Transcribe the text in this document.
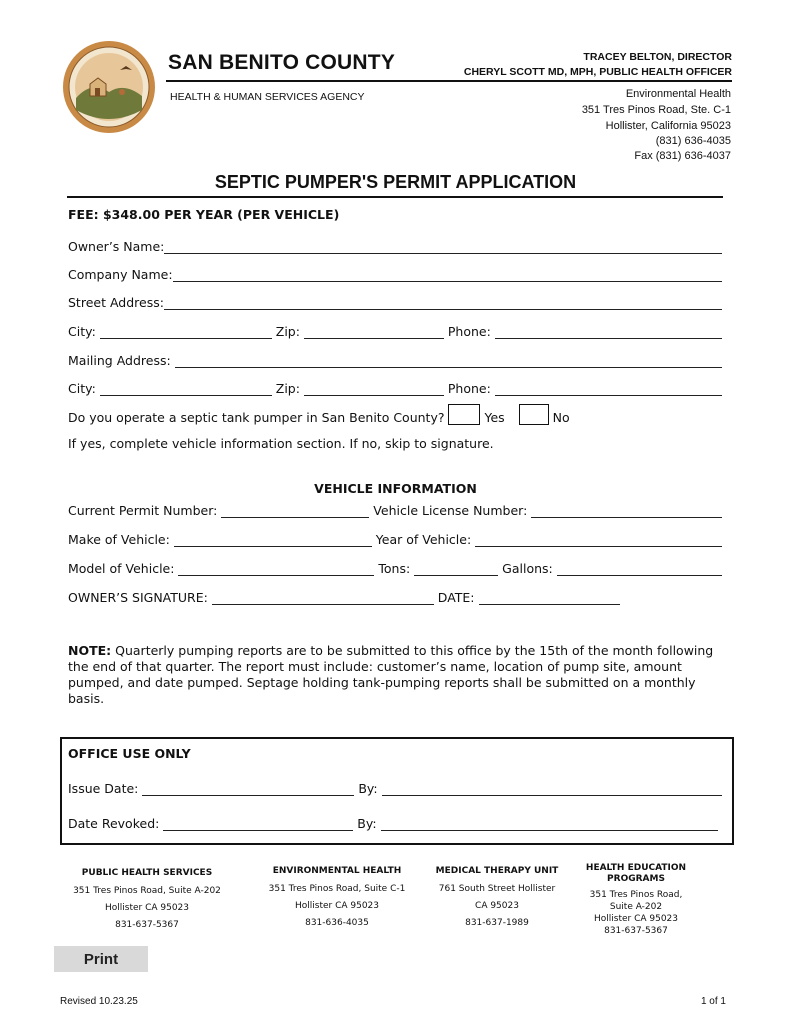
SAN BENITO COUNTY
HEALTH & HUMAN SERVICES AGENCY
TRACEY BELTON, DIRECTOR
CHERYL SCOTT MD, MPH, PUBLIC HEALTH OFFICER
Environmental Health
351 Tres Pinos Road, Ste. C-1
Hollister, California 95023
(831) 636-4035
Fax (831) 636-4037
SEPTIC PUMPER'S PERMIT APPLICATION
FEE: $348.00 PER YEAR (PER VEHICLE)
Owner’s Name:
Company Name:
Street Address:
City:	Zip:	Phone:
Mailing Address:
City:	Zip:	Phone:
Do you operate a septic tank pumper in San Benito County?	Yes	No
If yes, complete vehicle information section. If no, skip to signature.
VEHICLE INFORMATION
Current Permit Number:	Vehicle License Number:
Make of Vehicle:	Year of Vehicle:
Model of Vehicle:	Tons:	Gallons:
OWNER’S SIGNATURE:	DATE:
NOTE: Quarterly pumping reports are to be submitted to this office by the 15th of the month following the end of that quarter. The report must include: customer’s name, location of pump site, amount pumped, and date pumped. Septage holding tank-pumping reports shall be submitted on a monthly basis.
OFFICE USE ONLY
Issue Date:	By:
Date Revoked:	By:
PUBLIC HEALTH SERVICES
351 Tres Pinos Road, Suite A-202
Hollister CA 95023
831-637-5367
ENVIRONMENTAL HEALTH
351 Tres Pinos Road, Suite C-1
Hollister CA 95023
831-636-4035
MEDICAL THERAPY UNIT
761 South Street Hollister
CA 95023
831-637-1989
HEALTH EDUCATION PROGRAMS
351 Tres Pinos Road, Suite A-202
Hollister CA 95023
831-637-5367
Print
Revised 10.23.25	1 of 1
